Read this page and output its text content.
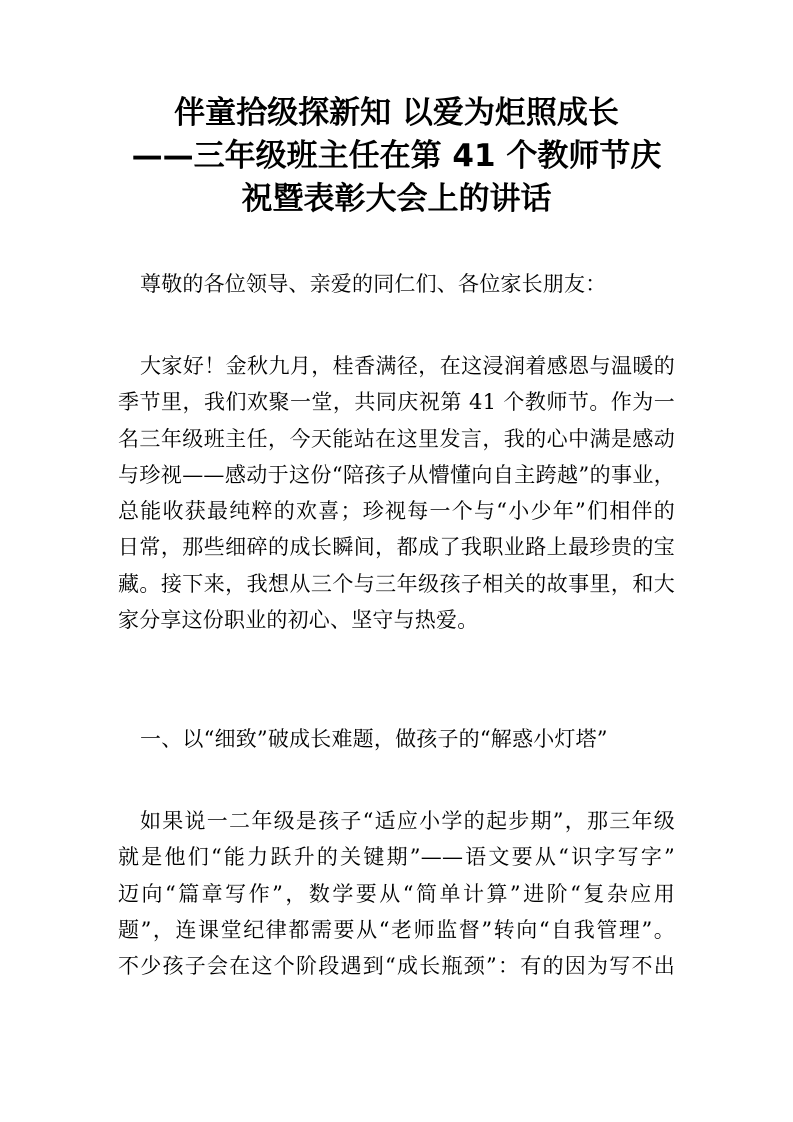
伴童拾级探新知 以爱为炬照成长
——三年级班主任在第 41 个教师节庆
祝暨表彰大会上的讲话
尊敬的各位领导、亲爱的同仁们、各位家长朋友：
大家好！金秋九月，桂香满径，在这浸润着感恩与温暖的
季节里，我们欢聚一堂，共同庆祝第 41 个教师节。作为一
名三年级班主任，今天能站在这里发言，我的心中满是感动
与珍视——感动于这份“陪孩子从懵懂向自主跨越”的事业，
总能收获最纯粹的欢喜；珍视每一个与“小少年”们相伴的
日常，那些细碎的成长瞬间，都成了我职业路上最珍贵的宝
藏。接下来，我想从三个与三年级孩子相关的故事里，和大
家分享这份职业的初心、坚守与热爱。
一、以“细致”破成长难题，做孩子的“解惑小灯塔”
如果说一二年级是孩子“适应小学的起步期”，那三年级
就是他们“能力跃升的关键期”——语文要从“识字写字”
迈向“篇章写作”，数学要从“简单计算”进阶“复杂应用
题”，连课堂纪律都需要从“老师监督”转向“自我管理”。
不少孩子会在这个阶段遇到“成长瓶颈”：有的因为写不出
